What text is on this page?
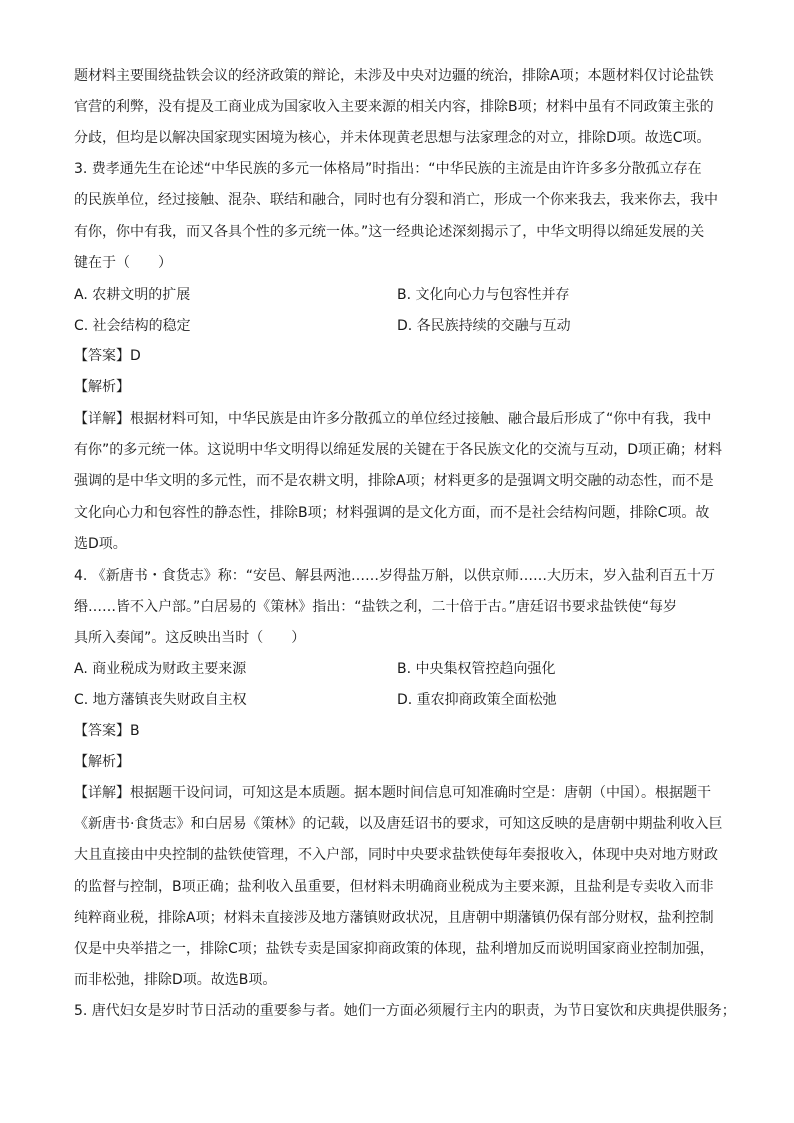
题材料主要围绕盐铁会议的经济政策的辩论，未涉及中央对边疆的统治，排除A项；本题材料仅讨论盐铁
官营的利弊，没有提及工商业成为国家收入主要来源的相关内容，排除B项；材料中虽有不同政策主张的
分歧，但均是以解决国家现实困境为核心，并未体现黄老思想与法家理念的对立，排除D项。故选C项。
3. 费孝通先生在论述“中华民族的多元一体格局”时指出：“中华民族的主流是由许许多多分散孤立存在
的民族单位，经过接触、混杂、联结和融合，同时也有分裂和消亡，形成一个你来我去，我来你去，我中
有你，你中有我，而又各具个性的多元统一体。”这一经典论述深刻揭示了，中华文明得以绵延发展的关
键在于（　　）
A. 农耕文明的扩展	B. 文化向心力与包容性并存
C. 社会结构的稳定	D. 各民族持续的交融与互动
【答案】D
【解析】
【详解】根据材料可知，中华民族是由许多分散孤立的单位经过接触、融合最后形成了“你中有我，我中
有你”的多元统一体。这说明中华文明得以绵延发展的关键在于各民族文化的交流与互动，D项正确；材料
强调的是中华文明的多元性，而不是农耕文明，排除A项；材料更多的是强调文明交融的动态性，而不是
文化向心力和包容性的静态性，排除B项；材料强调的是文化方面，而不是社会结构问题，排除C项。故
选D项。
4. 《新唐书・食货志》称：“安邑、解县两池……岁得盐万斛，以供京师……大历末，岁入盐利百五十万
缗……皆不入户部。”白居易的《策林》指出：“盐铁之利，二十倍于古。”唐廷诏书要求盐铁使“每岁
具所入奏闻”。这反映出当时（　　）
A. 商业税成为财政主要来源	B. 中央集权管控趋向强化
C. 地方藩镇丧失财政自主权	D. 重农抑商政策全面松弛
【答案】B
【解析】
【详解】根据题干设问词，可知这是本质题。据本题时间信息可知准确时空是：唐朝（中国）。根据题干
《新唐书·食货志》和白居易《策林》的记载，以及唐廷诏书的要求，可知这反映的是唐朝中期盐利收入巨
大且直接由中央控制的盐铁使管理，不入户部，同时中央要求盐铁使每年奏报收入，体现中央对地方财政
的监督与控制，B项正确；盐利收入虽重要，但材料未明确商业税成为主要来源，且盐利是专卖收入而非
纯粹商业税，排除A项；材料未直接涉及地方藩镇财政状况，且唐朝中期藩镇仍保有部分财权，盐利控制
仅是中央举措之一，排除C项；盐铁专卖是国家抑商政策的体现，盐利增加反而说明国家商业控制加强，
而非松弛，排除D项。故选B项。
5. 唐代妇女是岁时节日活动的重要参与者。她们一方面必须履行主内的职责，为节日宴饮和庆典提供服务；
